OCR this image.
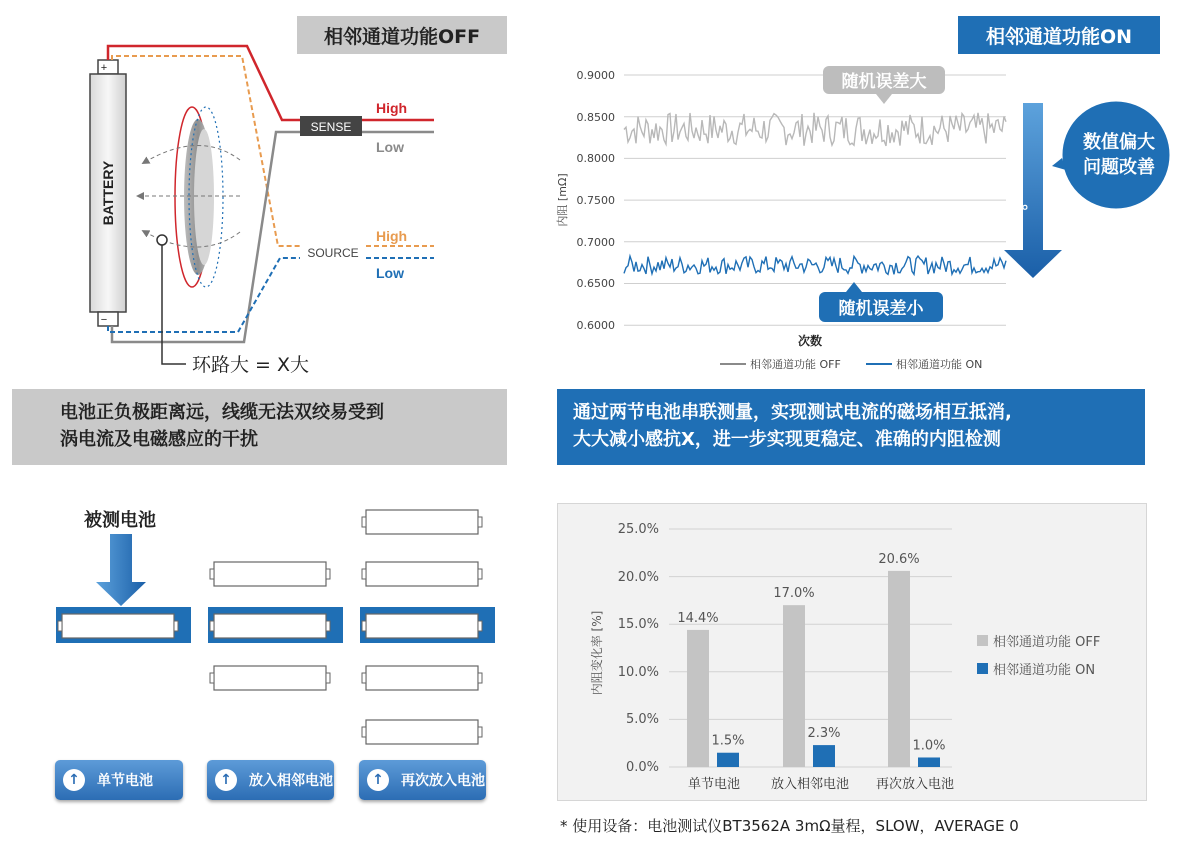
相邻通道功能OFF
+
−
BATTERY
SENSE
SOURCE
High
Low
High
Low
环路大 = X大
相邻通道功能ON
0.9000
0.8500
0.8000
0.7500
0.7000
0.6500
0.6000
内阻 [mΩ]
次数
随机误差大
随机误差小
数值偏大
问题改善
。
相邻通道功能 OFF	相邻通道功能 ON
电池正负极距离远，线缆无法双绞易受到
涡电流及电磁感应的干扰
通过两节电池串联测量，实现测试电流的磁场相互抵消,
大大减小感抗X，进一步实现更稳定、准确的内阻检测
被测电池
↑	单节电池	↑	放入相邻电池	↑	再次放入电池
25.0%
20.0%
15.0%
10.0%
5.0%
0.0%
14.4%
1.5%
17.0%
2.3%
20.6%
1.0%
单节电池 放入相邻电池 再次放入电池
内阻变化率 [%]	相邻通道功能 OFF
相邻通道功能 ON
* 使用设备：电池测试仪BT3562A 3mΩ量程，SLOW，AVERAGE 0
